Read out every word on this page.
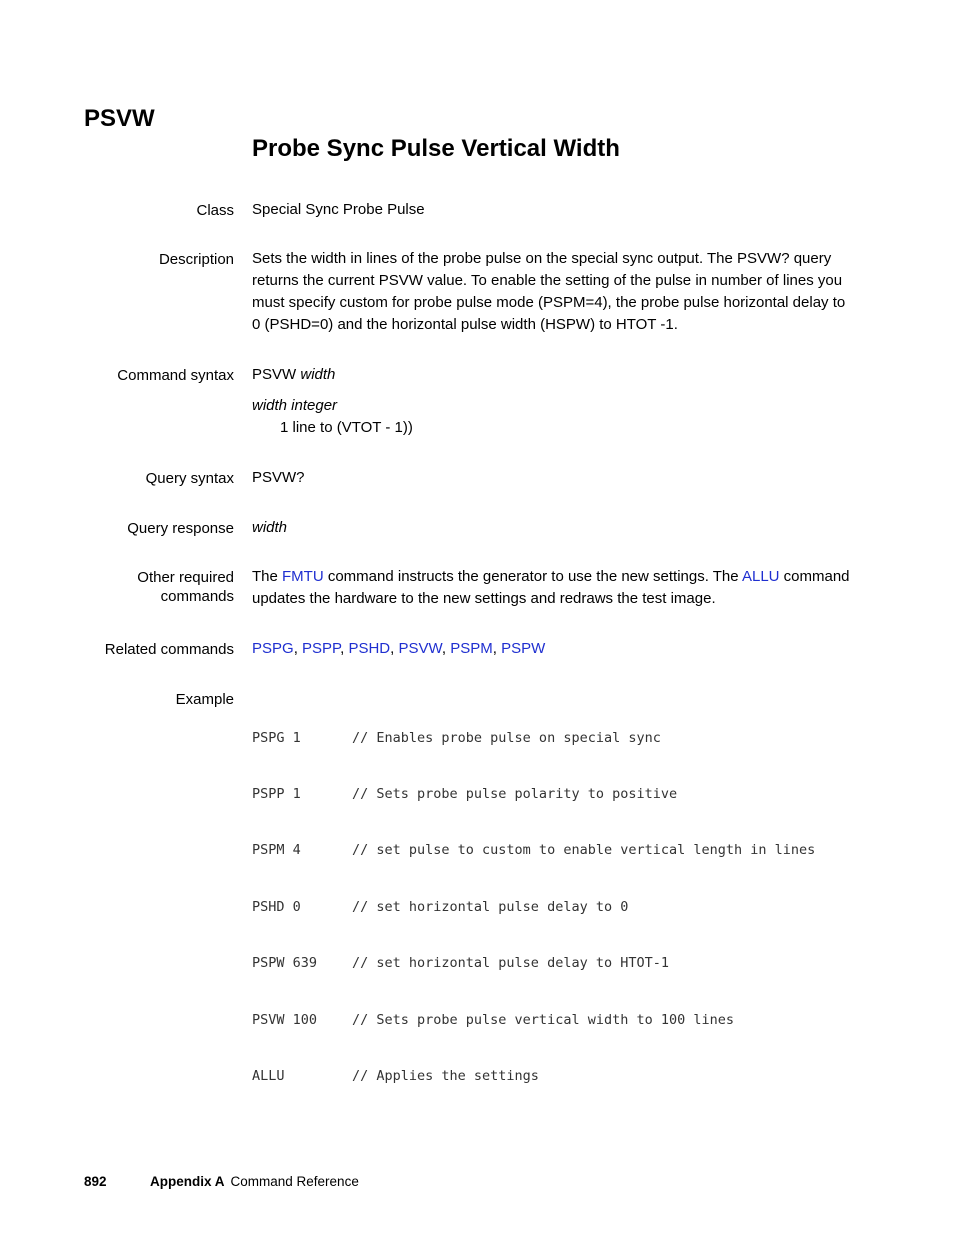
PSVW
Probe Sync Pulse Vertical Width
Class Special Sync Probe Pulse
Description Sets the width in lines of the probe pulse on the special sync output. The PSVW? query
returns the current PSVW value. To enable the setting of the pulse in number of lines you
must specify custom for probe pulse mode (PSPM=4), the probe pulse horizontal delay to
0 (PSHD=0) and the horizontal pulse width (HSPW) to HTOT -1.
Command syntax PSVW width
width integer
1 line to (VTOT - 1))
Query syntax PSVW?
Query response width
Other required
commands
The FMTU command instructs the generator to use the new settings. The ALLU command
updates the hardware to the new settings and redraws the test image.
Related commands PSPG, PSPP, PSHD, PSVW, PSPM, PSPW
Example

PSPG 1	// Enables probe pulse on special sync

PSPP 1	// Sets probe pulse polarity to positive

PSPM 4	// set pulse to custom to enable vertical length in lines

PSHD 0	// set horizontal pulse delay to 0

PSPW 639	// set horizontal pulse delay to HTOT-1

PSVW 100	// Sets probe pulse vertical width to 100 lines

ALLU	// Applies the settings

892	Appendix A Command Reference
